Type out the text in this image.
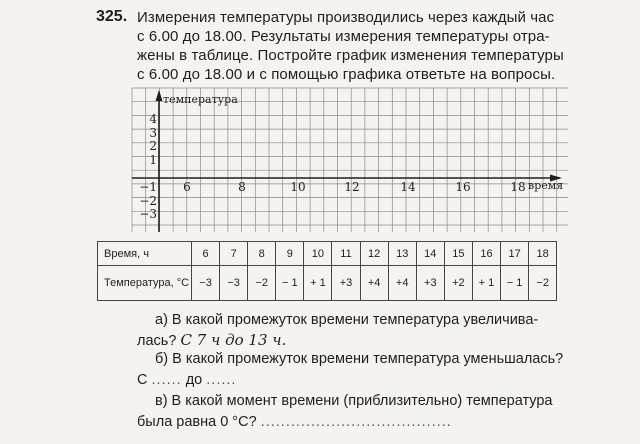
325. Измерения температуры производились через каждый час
с 6.00 до 18.00. Результаты измерения температуры отра-
жены в таблице. Постройте график изменения температуры
с 6.00 до 18.00 и с помощью графика ответьте на вопросы.
6	8	10	12	14	16	18
4
3
2
1
−1
−2
−3
температура
время
Время, ч	6	7	8	9	10	11	12	13	14	15	16	17	18
Температура, °C	−3	−3	−2	− 1	+ 1	+3	+4	+4	+3	+2	+ 1	− 1	−2
а) В какой промежуток времени температура увеличива-
лась? С 7 ч до 13 ч.
б) В какой промежуток времени температура уменьшалась?
С ...... до ......
в) В какой момент времени (приблизительно) температура
была равна 0 °С? ......................................
